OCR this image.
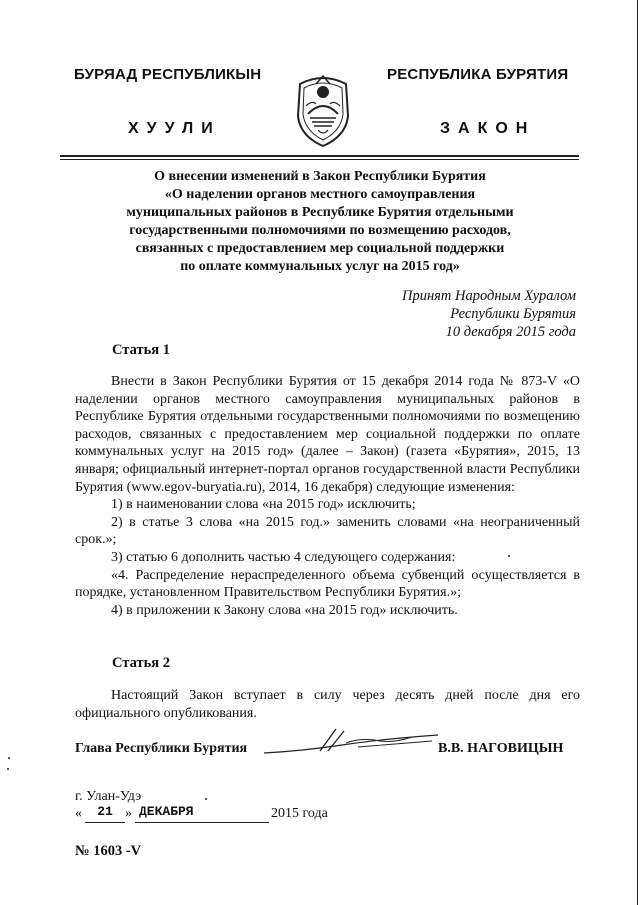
БУРЯАД РЕСПУБЛИКЫН	РЕСПУБЛИКА БУРЯТИЯ
ХУУЛИ	ЗАКОН
О внесении изменений в Закон Республики Бурятия
«О наделении органов местного самоуправления
муниципальных районов в Республике Бурятия отдельными
государственными полномочиями по возмещению расходов,
связанных с предоставлением мер социальной поддержки
по оплате коммунальных услуг на 2015 год»
Принят Народным Хуралом
Республики Бурятия
10 декабря 2015 года
Статья 1

Внести в Закон Республики Бурятия от 15 декабря 2014 года № 873-V «О наделении органов местного самоуправления муниципальных районов в Республике Бурятия отдельными государственными полномочиями по возмещению расходов, связанных с предоставлением мер социальной поддержки по оплате коммунальных услуг на 2015 год» (далее – Закон) (газета «Бурятия», 2015, 13 января; официальный интернет-портал органов государственной власти Республики Бурятия (www.egov-buryatia.ru), 2014, 16 декабря) следующие изменения:

1) в наименовании слова «на 2015 год» исключить;

2) в статье 3 слова «на 2015 год.» заменить словами «на неограниченный срок.»;

3) статью 6 дополнить частью 4 следующего содержания:

«4. Распределение нераспределенного объема субвенций осуществляется в порядке, установленном Правительством Республики Бурятия.»;

4) в приложении к Закону слова «на 2015 год» исключить.

Статья 2

Настоящий Закон вступает в силу через десять дней после дня его официального опубликования.

Глава Республики Бурятия	В.В. НАГОВИЦЫН
г. Улан-Удэ
«	21 » ДЕКАБРЯ	2015 года
№ 1603 -V
